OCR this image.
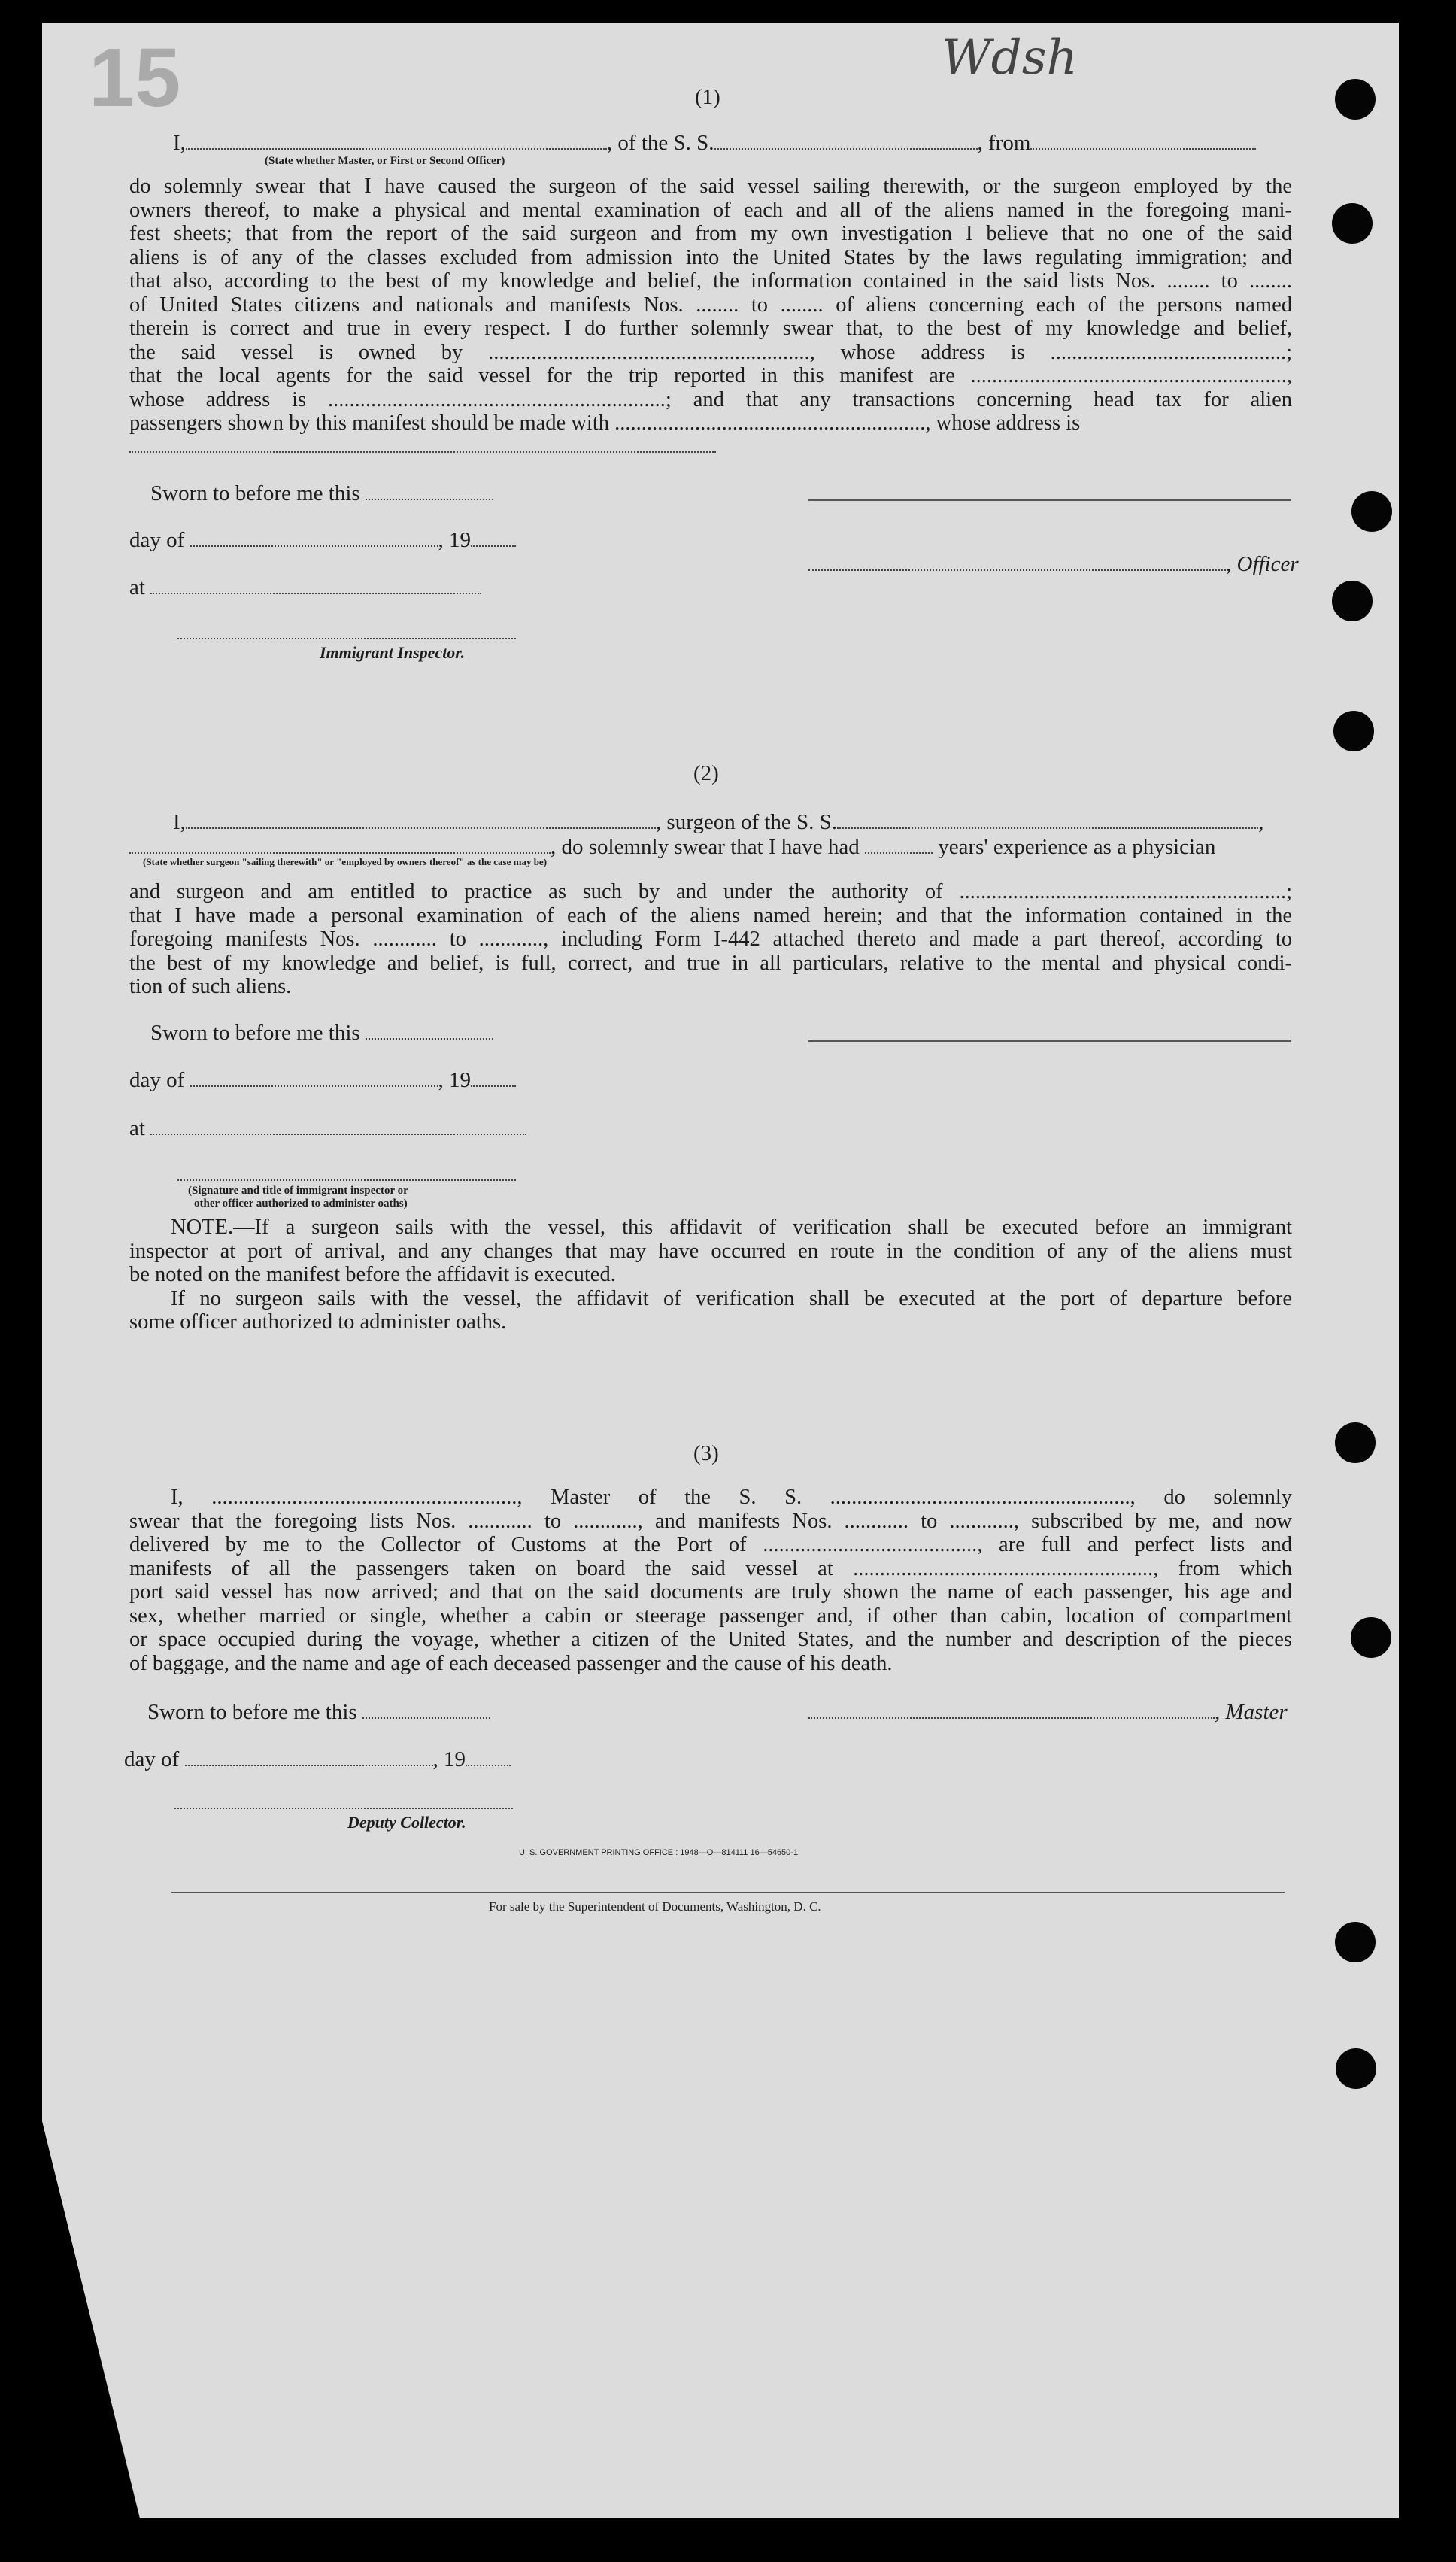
15	Wdsh
(1)
I,	, of the S. S.	, from
(State whether Master, or First or Second Officer)
do solemnly swear that I have caused the surgeon of the said vessel sailing therewith, or the surgeon employed by the
owners thereof, to make a physical and mental examination of each and all of the aliens named in the foregoing mani-
fest sheets; that from the report of the said surgeon and from my own investigation I believe that no one of the said
aliens is of any of the classes excluded from admission into the United States by the laws regulating immigration; and
that also, according to the best of my knowledge and belief, the information contained in the said lists Nos. ........ to ........
of United States citizens and nationals and manifests Nos. ........ to ........ of aliens concerning each of the persons named
therein is correct and true in every respect. I do further solemnly swear that, to the best of my knowledge and belief,
the said vessel is owned by ............................................................, whose address is ............................................;
that the local agents for the said vessel for the trip reported in this manifest are ...........................................................,
whose address is ...............................................................; and that any transactions concerning head tax for alien
passengers shown by this manifest should be made with .........................................................., whose address is
Sworn to before me this
day of	, 19
at
Immigrant Inspector.
, Officer
(2)
I,	, surgeon of the S. S.	,
, do solemnly swear that I have had	years' experience as a physician
(State whether surgeon "sailing therewith" or "employed by owners thereof" as the case may be)
and surgeon and am entitled to practice as such by and under the authority of .............................................................;
that I have made a personal examination of each of the aliens named herein; and that the information contained in the
foregoing manifests Nos. ............ to ............, including Form I-442 attached thereto and made a part thereof, according to
the best of my knowledge and belief, is full, correct, and true in all particulars, relative to the mental and physical condi-
tion of such aliens.
Sworn to before me this
day of	, 19
at
(Signature and title of immigrant inspector or
other officer authorized to administer oaths)
NOTE.—If a surgeon sails with the vessel, this affidavit of verification shall be executed before an immigrant
inspector at port of arrival, and any changes that may have occurred en route in the condition of any of the aliens must
be noted on the manifest before the affidavit is executed.
If no surgeon sails with the vessel, the affidavit of verification shall be executed at the port of departure before
some officer authorized to administer oaths.
(3)
I, ........................................................., Master of the S. S. ........................................................, do solemnly
swear that the foregoing lists Nos. ............ to ............, and manifests Nos. ............ to ............, subscribed by me, and now
delivered by me to the Collector of Customs at the Port of ........................................, are full and perfect lists and
manifests of all the passengers taken on board the said vessel at ........................................................, from which
port said vessel has now arrived; and that on the said documents are truly shown the name of each passenger, his age and
sex, whether married or single, whether a cabin or steerage passenger and, if other than cabin, location of compartment
or space occupied during the voyage, whether a citizen of the United States, and the number and description of the pieces
of baggage, and the name and age of each deceased passenger and the cause of his death.
Sworn to before me this
day of	, 19
, Master
Deputy Collector.
U. S. GOVERNMENT PRINTING OFFICE : 1948—O—814111 16—54650-1
For sale by the Superintendent of Documents, Washington, D. C.
